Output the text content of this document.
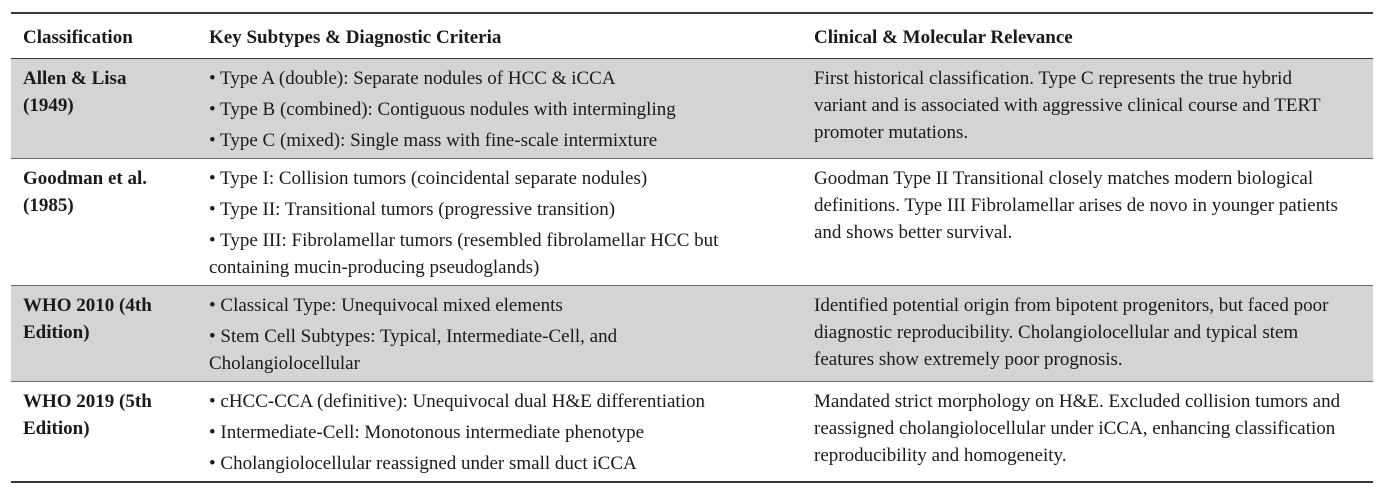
Classification	Key Subtypes & Diagnostic Criteria	Clinical & Molecular Relevance

Allen & Lisa (1949)	• Type A (double): Separate nodules of HCC & iCCA
• Type B (combined): Contiguous nodules with intermingling
• Type C (mixed): Single mass with fine-scale intermixture	First historical classification. Type C represents the true hybrid variant and is associated with aggressive clinical course and TERT promoter mutations.

Goodman et al. (1985)	• Type I: Collision tumors (coincidental separate nodules)
• Type II: Transitional tumors (progressive transition)
• Type III: Fibrolamellar tumors (resembled fibrolamellar HCC but containing mucin-producing pseudoglands)	Goodman Type II Transitional closely matches modern biological definitions. Type III Fibrolamellar arises de novo in younger patients and shows better survival.

WHO 2010 (4th Edition)	• Classical Type: Unequivocal mixed elements
• Stem Cell Subtypes: Typical, Intermediate-Cell, and Cholangiolocellular	Identified potential origin from bipotent progenitors, but faced poor diagnostic reproducibility. Cholangiolocellular and typical stem features show extremely poor prognosis.

WHO 2019 (5th Edition)	• cHCC-CCA (definitive): Unequivocal dual H&E differentiation
• Intermediate-Cell: Monotonous intermediate phenotype
• Cholangiolocellular reassigned under small duct iCCA	Mandated strict morphology on H&E. Excluded collision tumors and reassigned cholangiolocellular under iCCA, enhancing classification reproducibility and homogeneity.
